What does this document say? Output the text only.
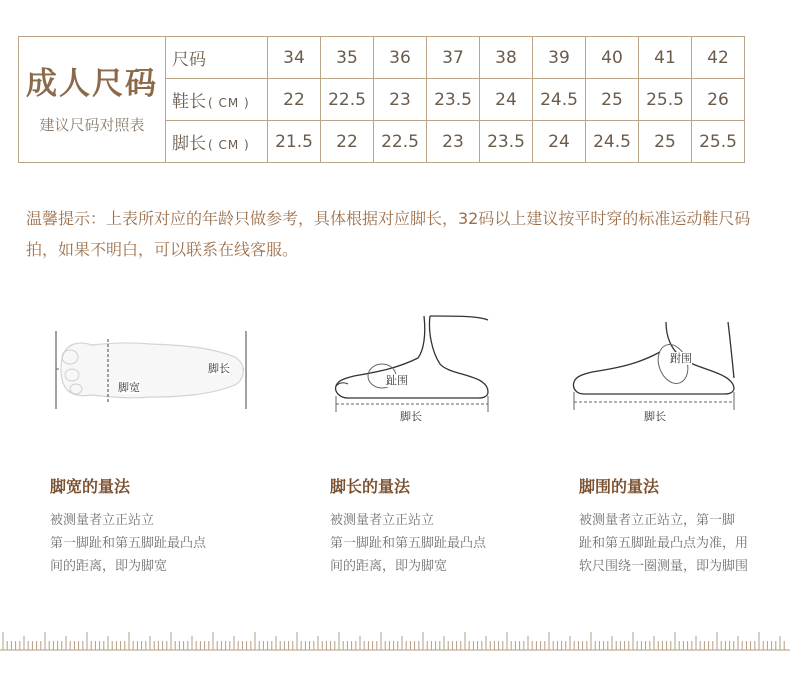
成人尺码
建议尺码对照表	尺码	34	35	36	37	38	39	40	41	42
	鞋长 ( CM )	22	22.5	23	23.5	24	24.5	25	25.5	26
	脚长 ( CM )	21.5	22	22.5	23	23.5	24	24.5	25	25.5
温馨提示：上表所对应的年龄只做参考，具体根据对应脚长，32码以上建议按平时穿的标准运动鞋尺码拍，如果不明白，可以联系在线客服。
脚长
脚宽
趾围
脚长
跗围
脚长
脚宽的量法
被测量者立正站立
第一脚趾和第五脚趾最凸点
间的距离，即为脚宽
脚长的量法
被测量者立正站立
第一脚趾和第五脚趾最凸点
间的距离，即为脚宽
脚围的量法
被测量者立正站立，第一脚
趾和第五脚趾最凸点为准，用
软尺围绕一圈测量，即为脚围
